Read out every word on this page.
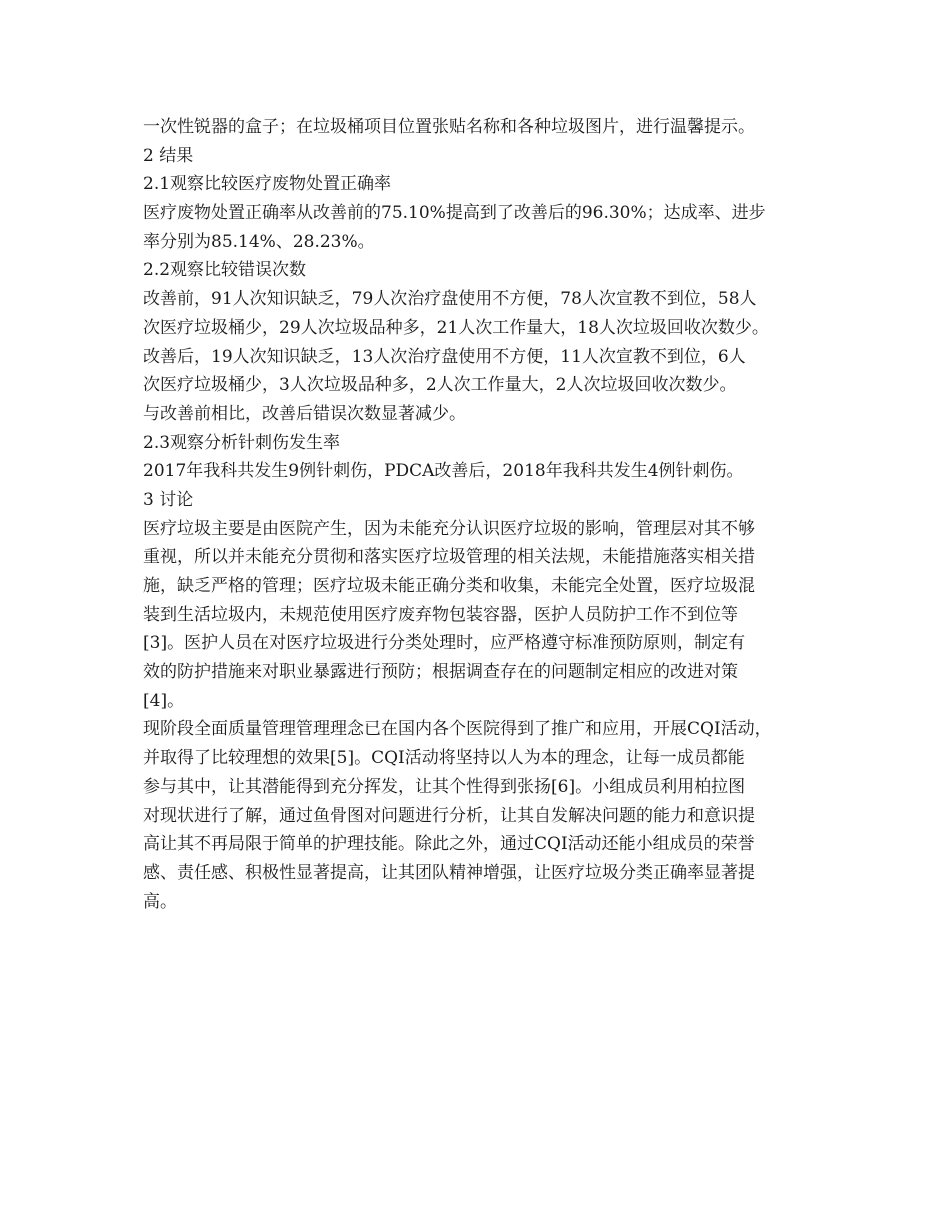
一次性锐器的盒子；在垃圾桶项目位置张贴名称和各种垃圾图片，进行温馨提示。
2 结果
2.1观察比较医疗废物处置正确率
医疗废物处置正确率从改善前的75.10%提高到了改善后的96.30%；达成率、进步
率分别为85.14%、28.23%。
2.2观察比较错误次数
改善前，91人次知识缺乏，79人次治疗盘使用不方便，78人次宣教不到位，58人
次医疗垃圾桶少，29人次垃圾品种多，21人次工作量大，18人次垃圾回收次数少。
改善后，19人次知识缺乏，13人次治疗盘使用不方便，11人次宣教不到位，6人
次医疗垃圾桶少，3人次垃圾品种多，2人次工作量大，2人次垃圾回收次数少。
与改善前相比，改善后错误次数显著减少。
2.3观察分析针刺伤发生率
2017年我科共发生9例针刺伤，PDCA改善后，2018年我科共发生4例针刺伤。
3 讨论
医疗垃圾主要是由医院产生，因为未能充分认识医疗垃圾的影响，管理层对其不够
重视，所以并未能充分贯彻和落实医疗垃圾管理的相关法规，未能措施落实相关措
施，缺乏严格的管理；医疗垃圾未能正确分类和收集，未能完全处置，医疗垃圾混
装到生活垃圾内，未规范使用医疗废弃物包装容器，医护人员防护工作不到位等
[3]。医护人员在对医疗垃圾进行分类处理时，应严格遵守标准预防原则，制定有
效的防护措施来对职业暴露进行预防；根据调查存在的问题制定相应的改进对策
[4]。
现阶段全面质量管理管理理念已在国内各个医院得到了推广和应用，开展CQI活动，
并取得了比较理想的效果[5]。CQI活动将坚持以人为本的理念，让每一成员都能
参与其中，让其潜能得到充分挥发，让其个性得到张扬[6]。小组成员利用柏拉图
对现状进行了解，通过鱼骨图对问题进行分析，让其自发解决问题的能力和意识提
高让其不再局限于简单的护理技能。除此之外，通过CQI活动还能小组成员的荣誉
感、责任感、积极性显著提高，让其团队精神增强，让医疗垃圾分类正确率显著提
高。
